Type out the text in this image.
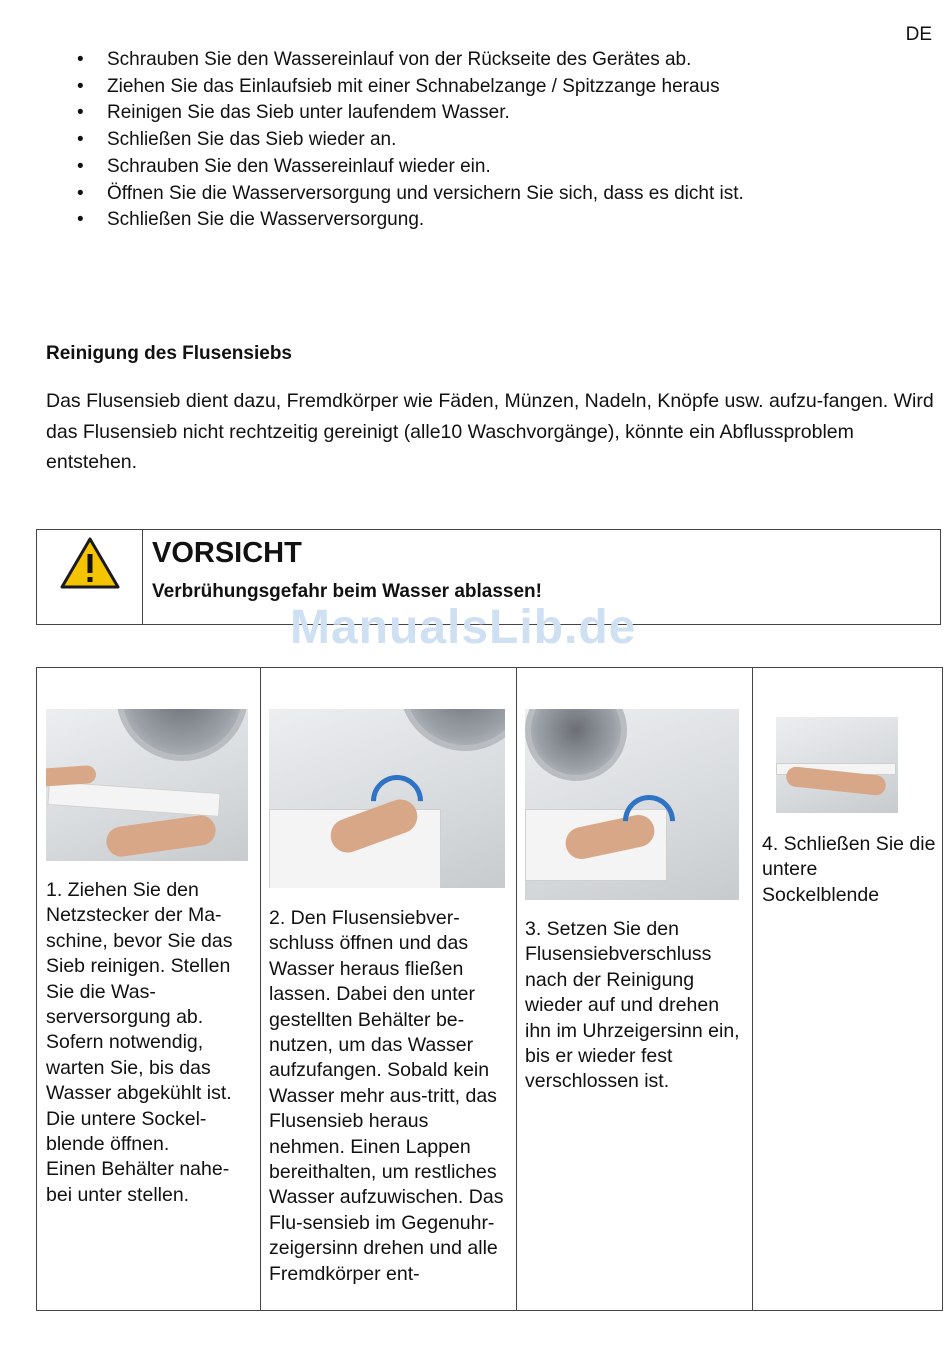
DE
• Schrauben Sie den Wassereinlauf von der Rückseite des Gerätes ab.
• Ziehen Sie das Einlaufsieb mit einer Schnabelzange / Spitzzange heraus
• Reinigen Sie das Sieb unter laufendem Wasser.
• Schließen Sie das Sieb wieder an.
• Schrauben Sie den Wassereinlauf wieder ein.
• Öffnen Sie die Wasserversorgung und versichern Sie sich, dass es dicht ist.
• Schließen Sie die Wasserversorgung.
Reinigung des Flusensiebs
Das Flusensieb dient dazu, Fremdkörper wie Fäden, Münzen, Nadeln, Knöpfe usw. aufzu-fangen. Wird das Flusensieb nicht rechtzeitig gereinigt (alle10 Waschvorgänge), könnte ein Abflussproblem entstehen.
VORSICHT
Verbrühungsgefahr beim Wasser ablassen!
ManualsLib.de
1. Ziehen Sie den Netzstecker der Ma-schine, bevor Sie das Sieb reinigen. Stellen Sie die Was-serversorgung ab. Sofern notwendig, warten Sie, bis das Wasser abgekühlt ist.
Die untere Sockel-blende öffnen.
Einen Behälter nahe-bei unter stellen.

2. Den Flusensiebver-schluss öffnen und das Wasser heraus fließen lassen. Dabei den unter gestellten Behälter be-nutzen, um das Wasser aufzufangen. Sobald kein Wasser mehr aus-tritt, das Flusensieb heraus nehmen. Einen Lappen bereithalten, um restliches Wasser aufzuwischen. Das Flu-sensieb im Gegenuhr-zeigersinn drehen und alle Fremdkörper ent-

3. Setzen Sie den Flusensiebverschluss nach der Reinigung wieder auf und drehen ihn im Uhrzeigersinn ein, bis er wieder fest verschlossen ist.

4. Schließen Sie die untere Sockelblende
